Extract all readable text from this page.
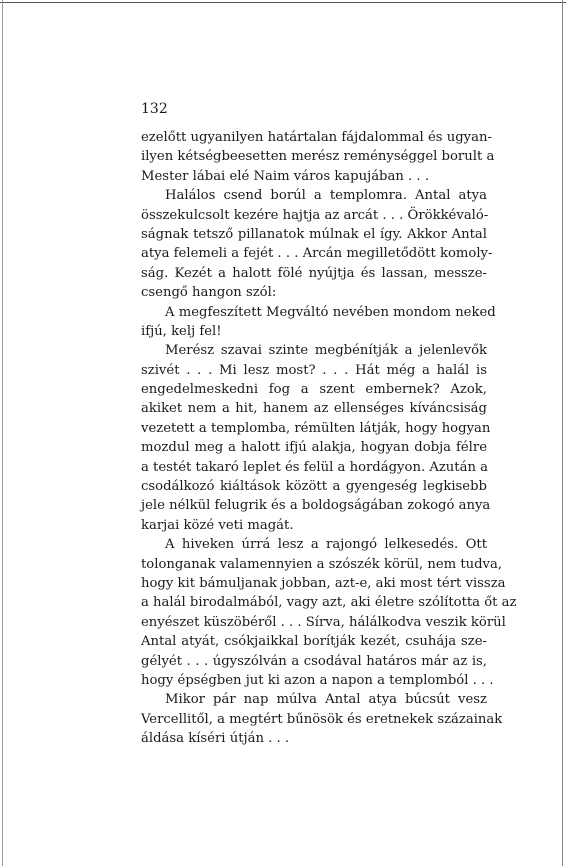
132

ezelőtt ugyanilyen határtalan fájdalommal és ugyan-
ilyen kétségbeesetten merész reménységgel borult a
Mester lábai elé Naim város kapujában . . .
Halálos csend borúl a templomra. Antal atya
összekulcsolt kezére hajtja az arcát . . . Örökkévaló-
ságnak tetsző pillanatok múlnak el így. Akkor Antal
atya felemeli a fejét . . . Arcán megilletődött komoly-
ság. Kezét a halott fölé nyújtja és lassan, messze-
csengő hangon szól:
A megfeszített Megváltó nevében mondom neked
ifjú, kelj fel!
Merész szavai szinte megbénítják a jelenlevők
szivét . . . Mi lesz most? . . . Hát még a halál is
engedelmeskedni fog a szent embernek? Azok,
akiket nem a hit, hanem az ellenséges kíváncsiság
vezetett a templomba, rémülten látják, hogy hogyan
mozdul meg a halott ifjú alakja, hogyan dobja félre
a testét takaró leplet és felül a hordágyon. Azután a
csodálkozó kiáltások között a gyengeség legkisebb
jele nélkül felugrik és a boldogságában zokogó anya
karjai közé veti magát.
A hiveken úrrá lesz a rajongó lelkesedés. Ott
tolonganak valamennyien a szószék körül, nem tudva,
hogy kit bámuljanak jobban, azt-e, aki most tért vissza
a halál birodalmából, vagy azt, aki életre szólította őt az
enyészet küszöbéről . . . Sírva, hálálkodva veszik körül
Antal atyát, csókjaikkal borítják kezét, csuhája sze-
gélyét . . . úgyszólván a csodával határos már az is,
hogy épségben jut ki azon a napon a templomból . . .
Mikor pár nap múlva Antal atya búcsút vesz
Vercellitől, a megtért bűnösök és eretnekek százainak
áldása kíséri útján . . .
